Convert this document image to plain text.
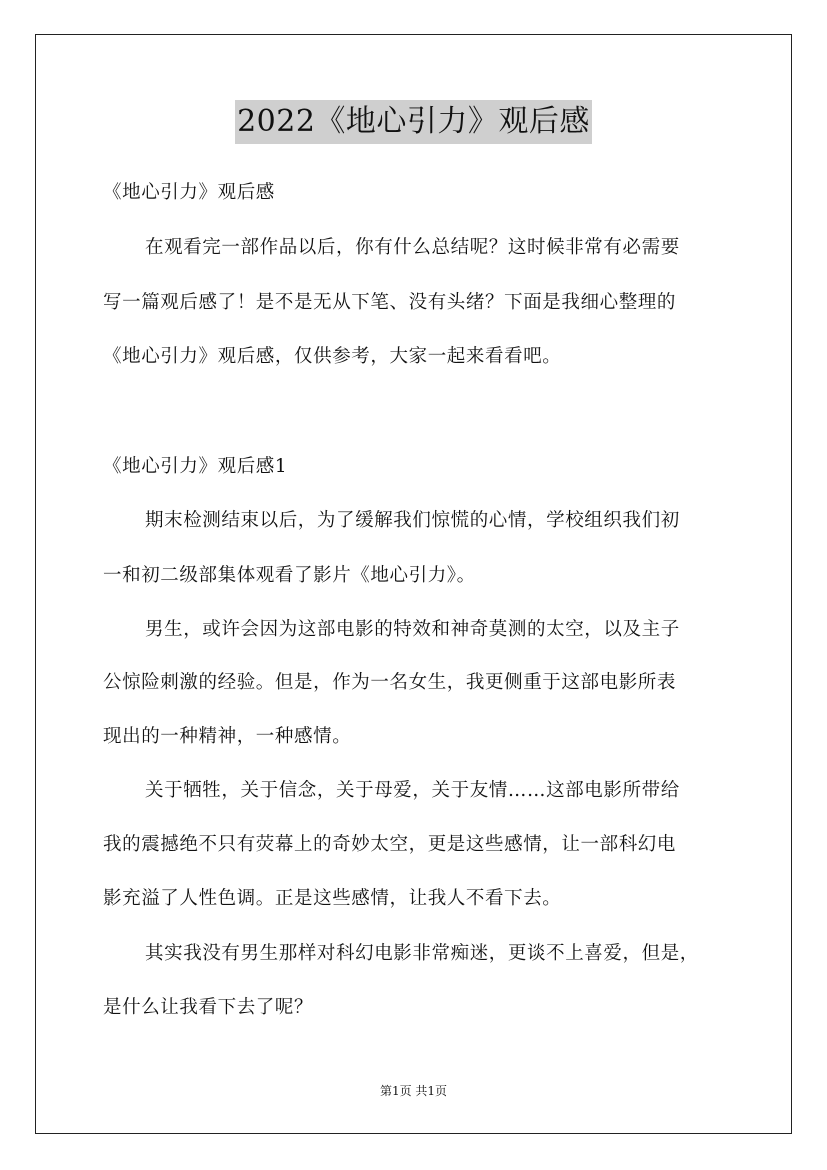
2022《地心引力》观后感
《地心引力》观后感
在观看完一部作品以后，你有什么总结呢？这时候非常有必需要
写一篇观后感了！是不是无从下笔、没有头绪？下面是我细心整理的
《地心引力》观后感，仅供参考，大家一起来看看吧。
《地心引力》观后感1
期末检测结束以后，为了缓解我们惊慌的心情，学校组织我们初
一和初二级部集体观看了影片《地心引力》。
男生，或许会因为这部电影的特效和神奇莫测的太空，以及主子
公惊险刺激的经验。但是，作为一名女生，我更侧重于这部电影所表
现出的一种精神，一种感情。
关于牺牲，关于信念，关于母爱，关于友情……这部电影所带给
我的震撼绝不只有荧幕上的奇妙太空，更是这些感情，让一部科幻电
影充溢了人性色调。正是这些感情，让我人不看下去。
其实我没有男生那样对科幻电影非常痴迷，更谈不上喜爱，但是，
是什么让我看下去了呢？
第1页 共1页
